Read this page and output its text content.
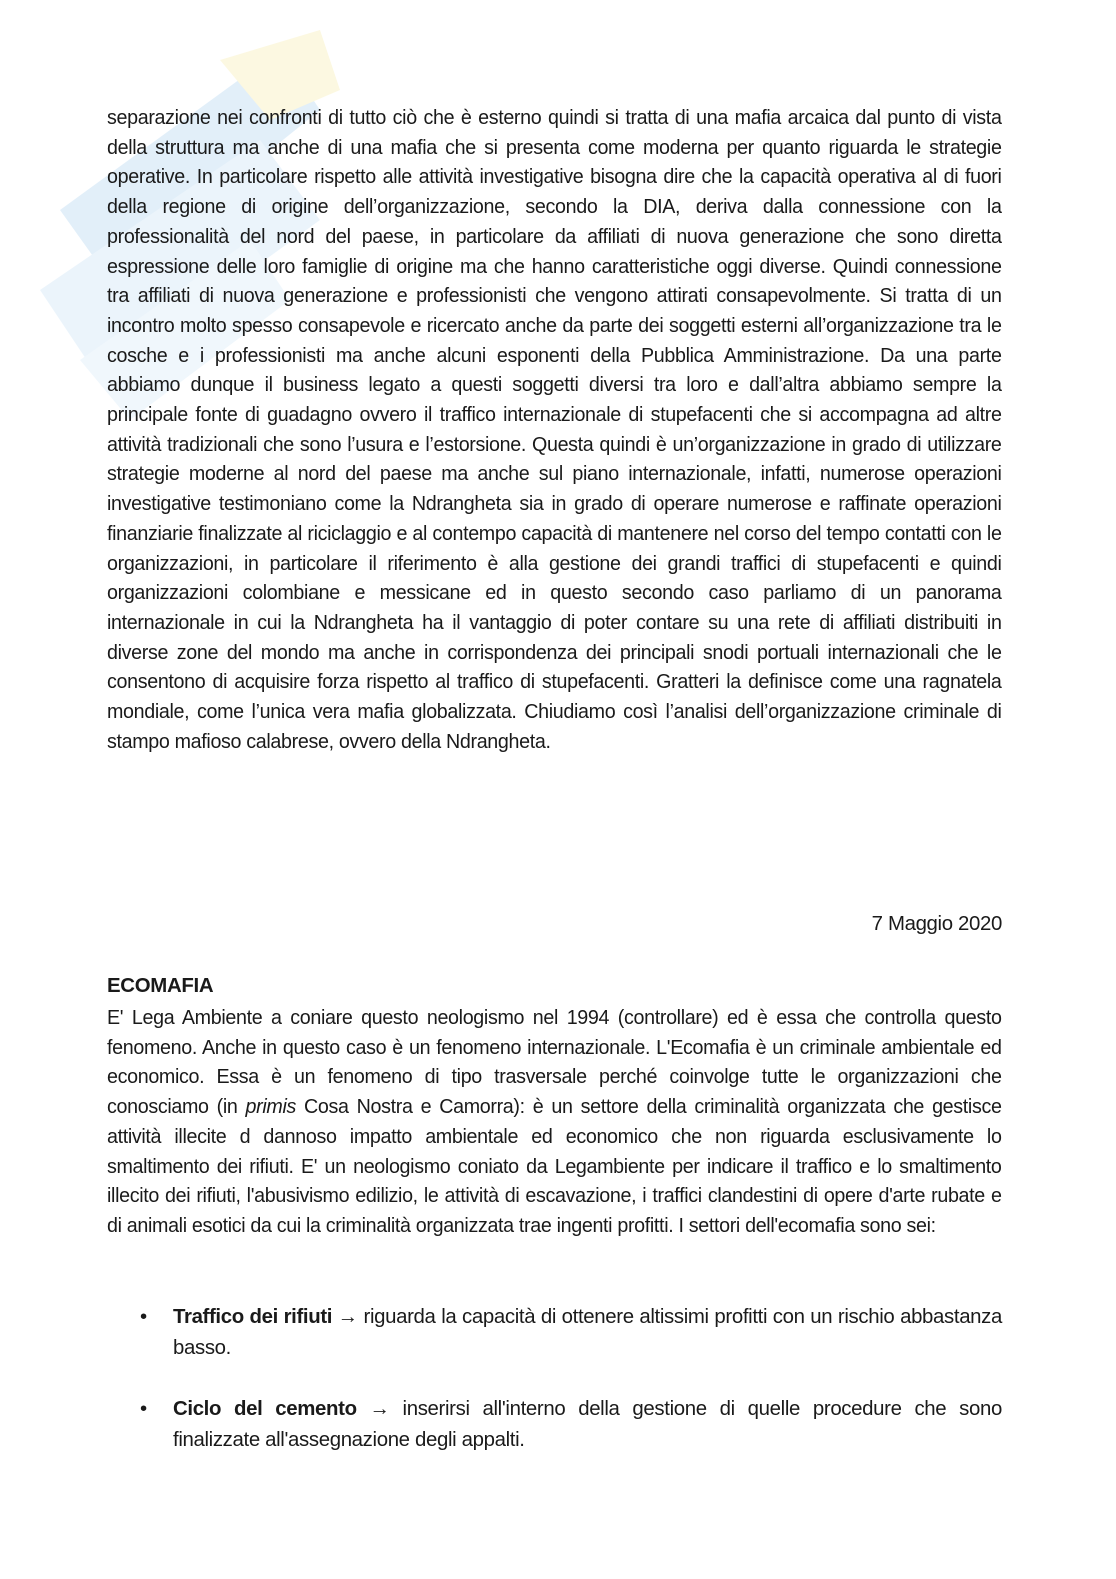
separazione nei confronti di tutto ciò che è esterno quindi si tratta di una mafia arcaica dal punto di vista della struttura ma anche di una mafia che si presenta come moderna per quanto riguarda le strategie operative. In particolare rispetto alle attività investigative bisogna dire che la capacità operativa al di fuori della regione di origine dell’organizzazione, secondo la DIA, deriva dalla connessione con la professionalità del nord del paese, in particolare da affiliati di nuova generazione che sono diretta espressione delle loro famiglie di origine ma che hanno caratteristiche oggi diverse. Quindi connessione tra affiliati di nuova generazione e professionisti che vengono attirati consapevolmente. Si tratta di un incontro molto spesso consapevole e ricercato anche da parte dei soggetti esterni all’organizzazione tra le cosche e i professionisti ma anche alcuni esponenti della Pubblica Amministrazione. Da una parte abbiamo dunque il business legato a questi soggetti diversi tra loro e dall’altra abbiamo sempre la principale fonte di guadagno ovvero il traffico internazionale di stupefacenti che si accompagna ad altre attività tradizionali che sono l’usura e l’estorsione. Questa quindi è un’organizzazione in grado di utilizzare strategie moderne al nord del paese ma anche sul piano internazionale, infatti, numerose operazioni investigative testimoniano come la Ndrangheta sia in grado di operare numerose e raffinate operazioni finanziarie finalizzate al riciclaggio e al contempo capacità di mantenere nel corso del tempo contatti con le organizzazioni, in particolare il riferimento è alla gestione dei grandi traffici di stupefacenti e quindi organizzazioni colombiane e messicane ed in questo secondo caso parliamo di un panorama internazionale in cui la Ndrangheta ha il vantaggio di poter contare su una rete di affiliati distribuiti in diverse zone del mondo ma anche in corrispondenza dei principali snodi portuali internazionali che le consentono di acquisire forza rispetto al traffico di stupefacenti. Gratteri la definisce come una ragnatela mondiale, come l’unica vera mafia globalizzata. Chiudiamo così l’analisi dell’organizzazione criminale di stampo mafioso calabrese, ovvero della Ndrangheta.

7 Maggio 2020
ECOMAFIA

E' Lega Ambiente a coniare questo neologismo nel 1994 (controllare) ed è essa che controlla questo fenomeno. Anche in questo caso è un fenomeno internazionale. L'Ecomafia è un criminale ambientale ed economico. Essa è un fenomeno di tipo trasversale perché coinvolge tutte le organizzazioni che conosciamo (in primis Cosa Nostra e Camorra): è un settore della criminalità organizzata che gestisce attività illecite d dannoso impatto ambientale ed economico che non riguarda esclusivamente lo smaltimento dei rifiuti. E' un neologismo coniato da Legambiente per indicare il traffico e lo smaltimento illecito dei rifiuti, l'abusivismo edilizio, le attività di escavazione, i traffici clandestini di opere d'arte rubate e di animali esotici da cui la criminalità organizzata trae ingenti profitti. I settori dell'ecomafia sono sei:

• Traffico dei rifiuti → riguarda la capacità di ottenere altissimi profitti con un rischio abbastanza basso.
• Ciclo del cemento → inserirsi all'interno della gestione di quelle procedure che sono finalizzate all'assegnazione degli appalti.
